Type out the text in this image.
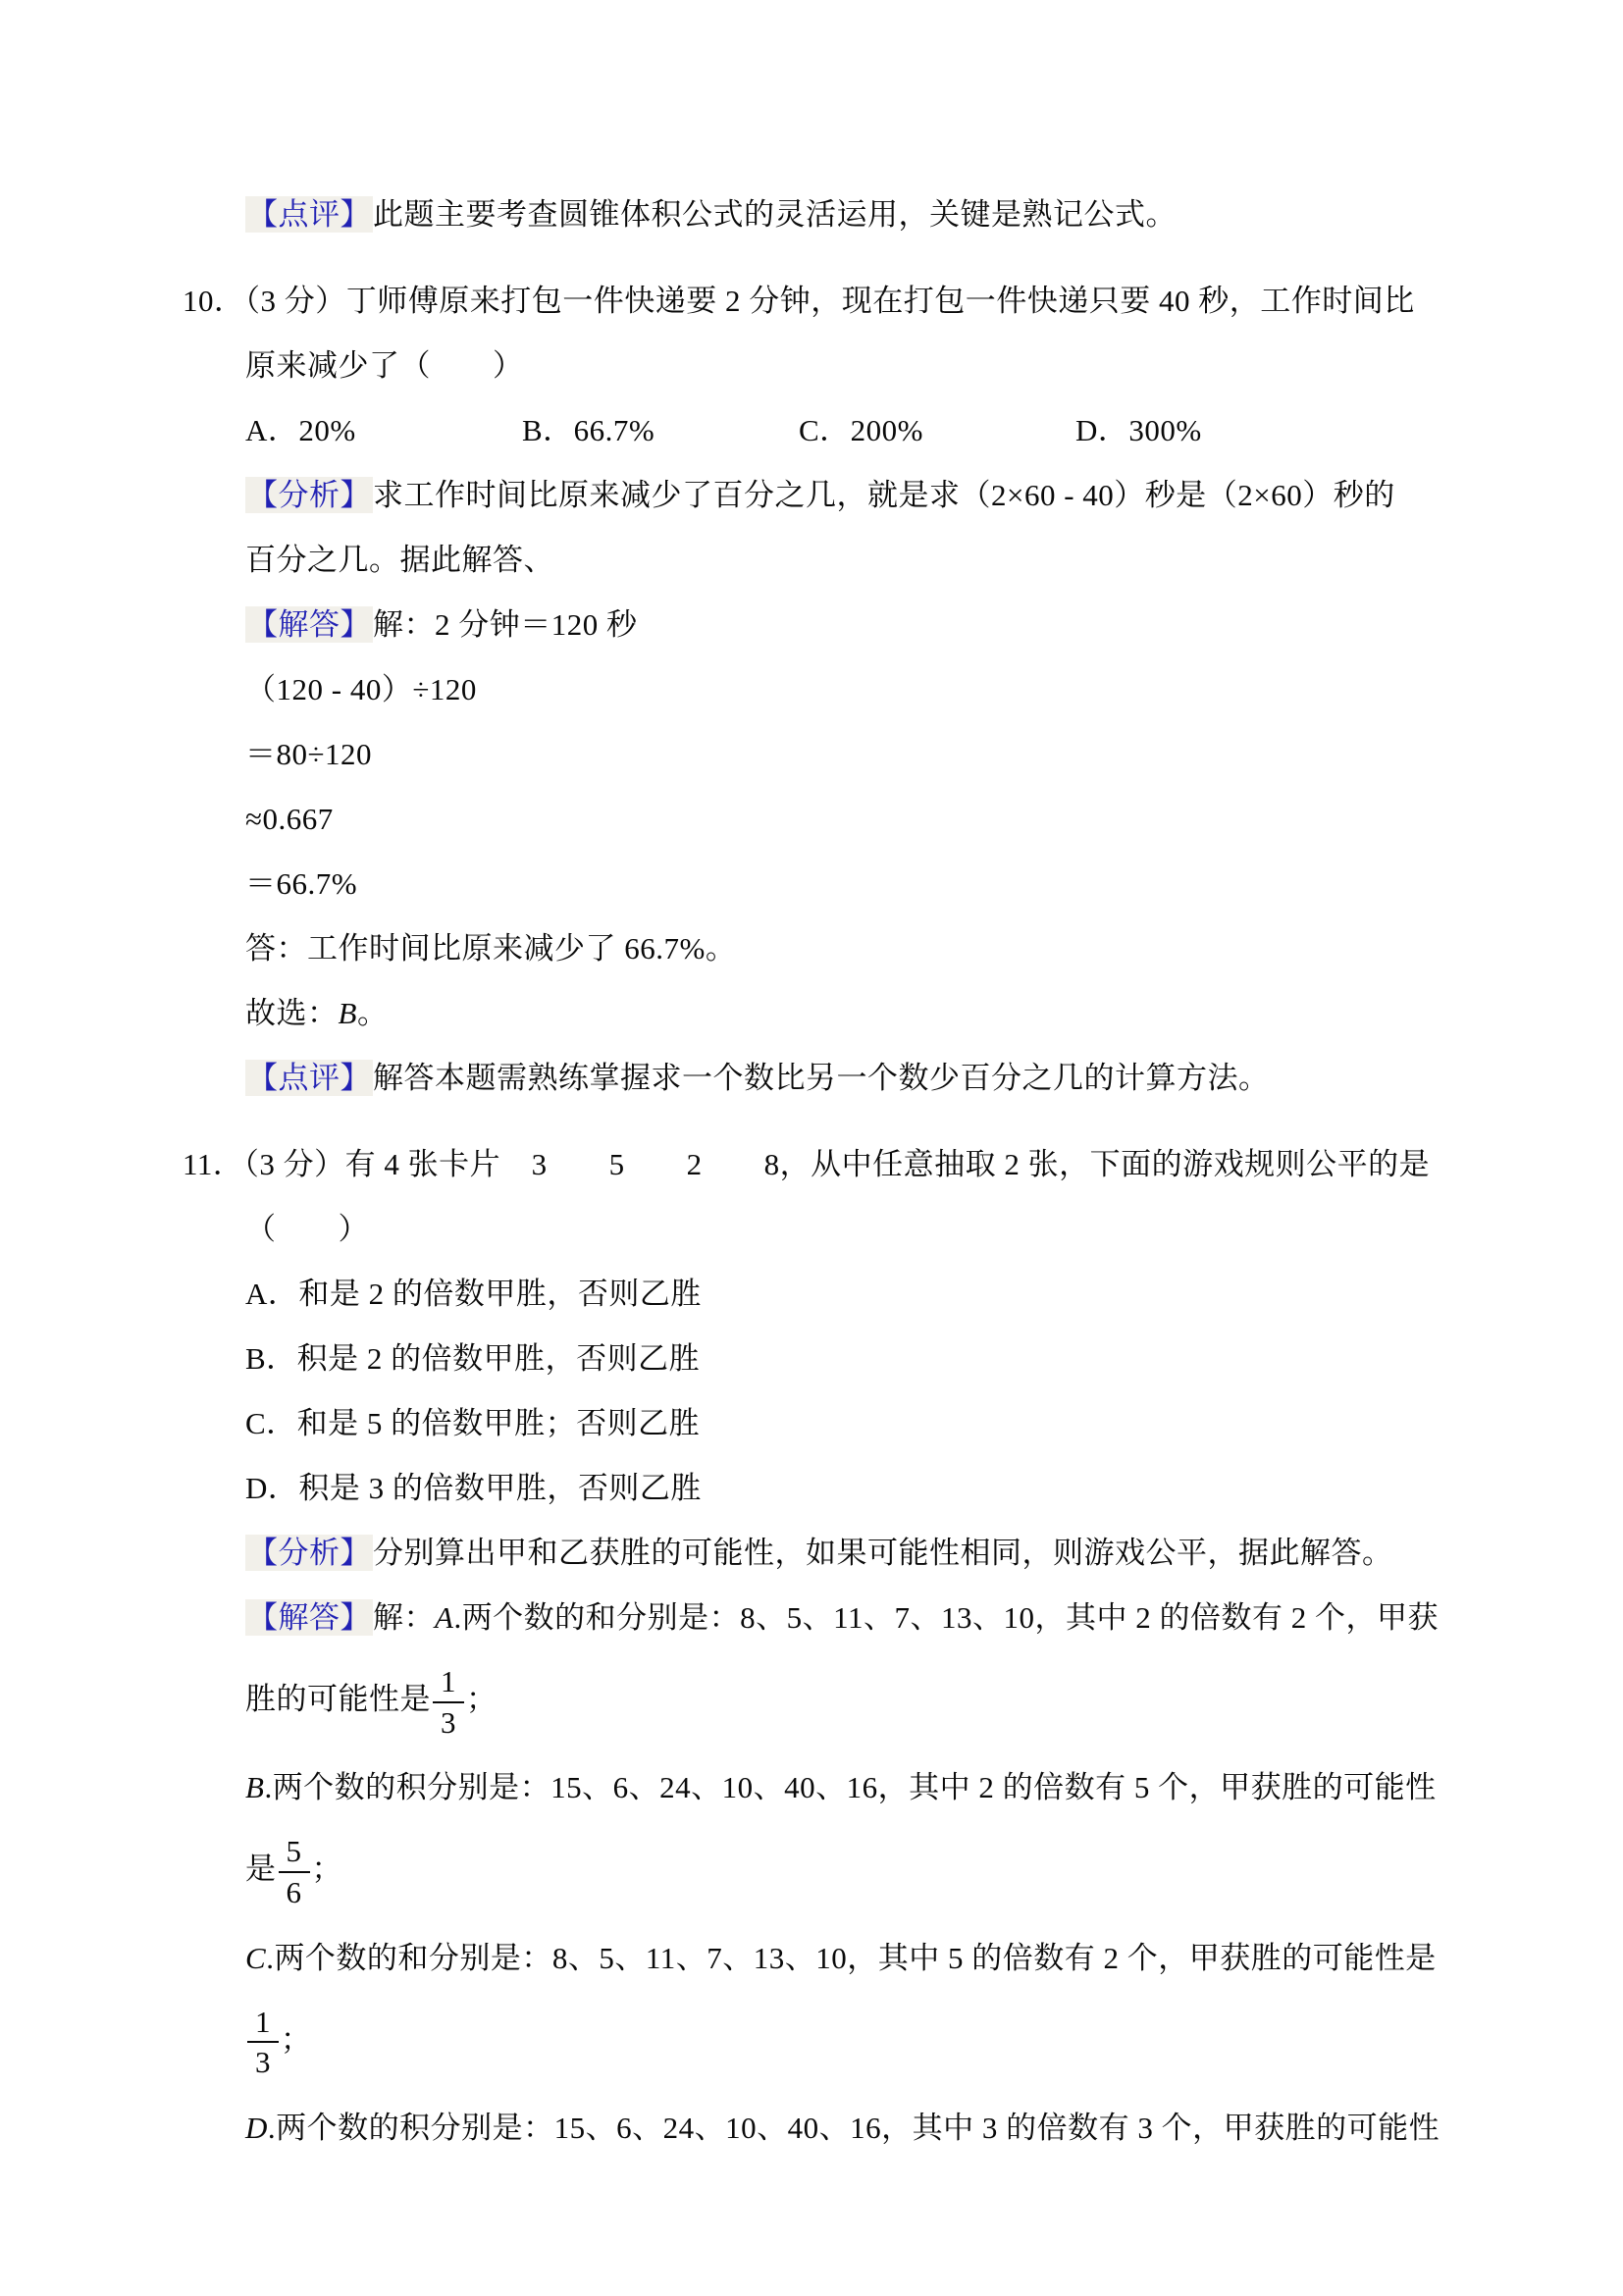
【点评】此题主要考查圆锥体积公式的灵活运用，关键是熟记公式。
10．（3 分）丁师傅原来打包一件快递要 2 分钟，现在打包一件快递只要 40 秒，工作时间比
原来减少了（　　）
A．20%	B．66.7%	C．200%	D．300%
【分析】求工作时间比原来减少了百分之几，就是求（2×60 - 40）秒是（2×60）秒的
百分之几。据此解答、
【解答】解：2 分钟＝120 秒
（120 - 40）÷120
＝80÷120
≈0.667
＝66.7%
答：工作时间比原来减少了 66.7%。
故选：B。
【点评】解答本题需熟练掌握求一个数比另一个数少百分之几的计算方法。
11．（3 分）有 4 张卡片　3　　5　　2　　8，从中任意抽取 2 张，下面的游戏规则公平的是
（　　）
A．和是 2 的倍数甲胜，否则乙胜
B．积是 2 的倍数甲胜，否则乙胜
C．和是 5 的倍数甲胜；否则乙胜
D．积是 3 的倍数甲胜，否则乙胜
【分析】分别算出甲和乙获胜的可能性，如果可能性相同，则游戏公平，据此解答。
【解答】解：A.两个数的和分别是：8、5、11、7、13、10，其中 2 的倍数有 2 个，甲获
胜的可能性是 $\frac{1}{3}$ ；
B.两个数的积分别是：15、6、24、10、40、16，其中 2 的倍数有 5 个，甲获胜的可能性
是 $\frac{5}{6}$ ；
C.两个数的和分别是：8、5、11、7、13、10，其中 5 的倍数有 2 个，甲获胜的可能性是
$\frac{1}{3}$ ；
D.两个数的积分别是：15、6、24、10、40、16，其中 3 的倍数有 3 个，甲获胜的可能性
